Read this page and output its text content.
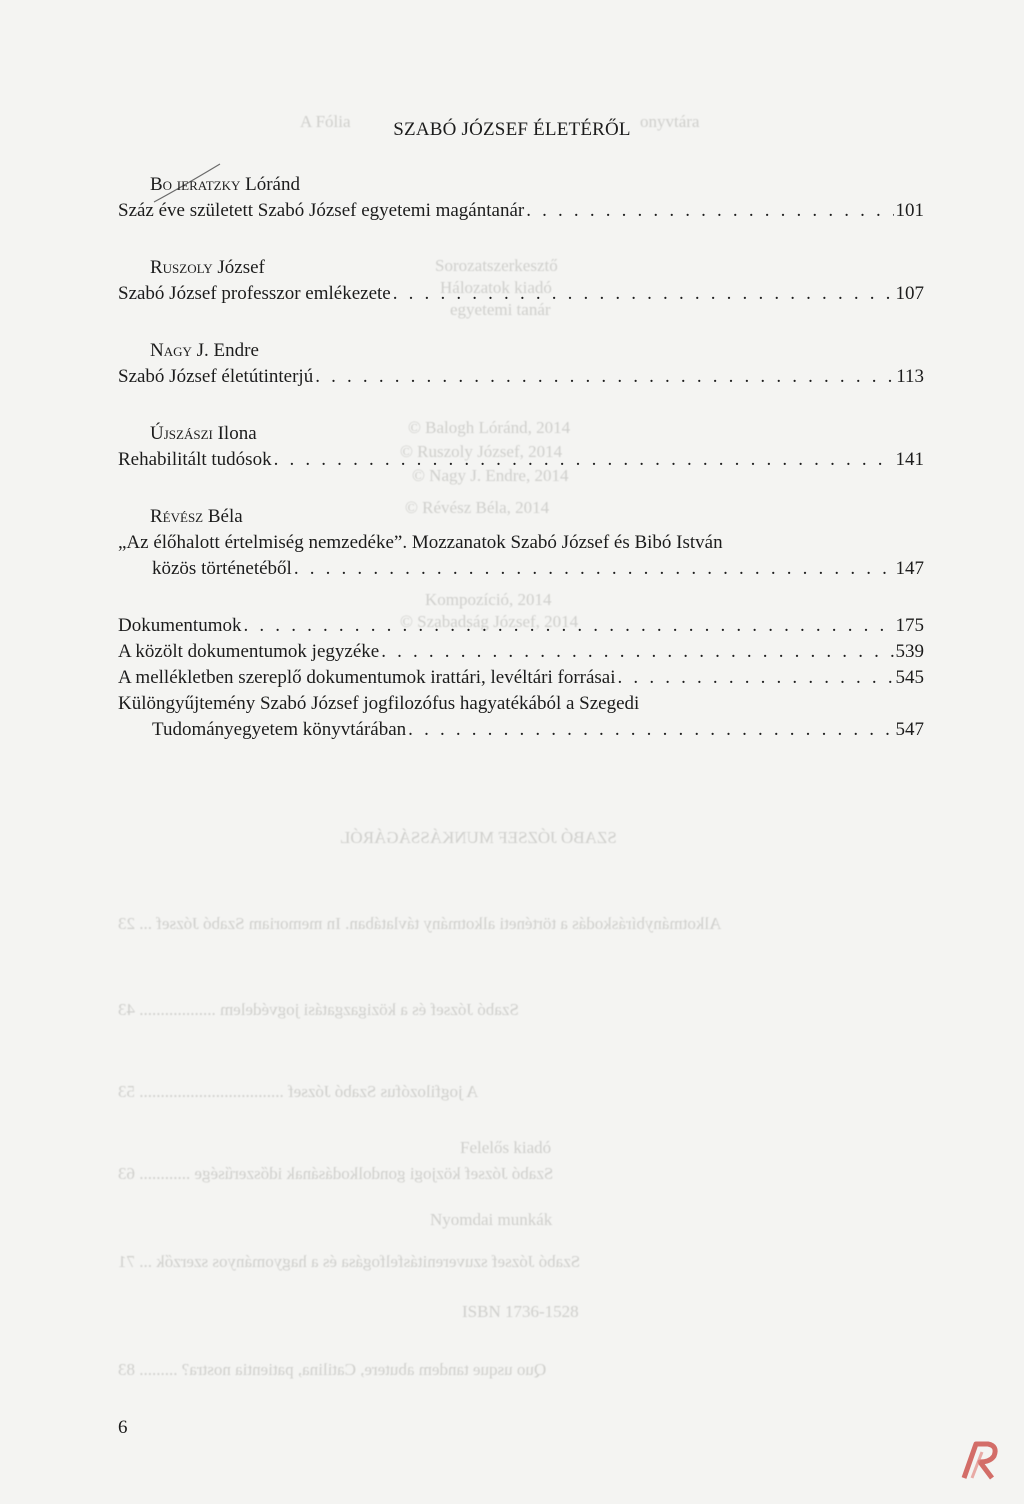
A Fólia	onyvtára
Sorozatszerkesztő
Hálozatok kiadó
egyetemi tanár
© Balogh Lóránd, 2014
© Ruszoly József, 2014
© Nagy J. Endre, 2014
© Révész Béla, 2014
Kompozíció, 2014
© Szabadság József, 2014
SZABÓ JÓZSEF MUNKÁSSÁGÁRÓL
Alkotmánybíráskodás a történeti alkotmány távlatában. In memoriam Szabó József ... 23
Szabó József és a közigazgatási jogvédelem .................. 43
A jogfilozófus Szabó József .................................. 53
Szabó József közjogi gondolkodásának időszerűsége ............ 63
Szabó József szuverenitásfelfogása és a hagyományos szerzők ... 71
Quo usque tandem abutere, Catilina, patientia nostra? ......... 83
Felelős kiadó
Nyomdai munkák
ISBN 1736-1528
SZABÓ JÓZSEF ÉLETÉRŐL
Bo ieratzky Lóránd
Száz éve született Szabó József egyetemi magántanár . . .	101
Ruszoly József
Szabó József professzor emlékezete . . .	107
Nagy J. Endre
Szabó József életútinterjú . . .	113
Újszászi Ilona
Rehabilitált tudósok . . .	141
Révész Béla
„Az élőhalott értelmiség nemzedéke”. Mozzanatok Szabó József és Bibó István
közös történetéből . . .	147
Dokumentumok . . .	175
A közölt dokumentumok jegyzéke . . .	539
A mellékletben szereplő dokumentumok irattári, levéltári forrásai . . .	545
Különgyűjtemény Szabó József jogfilozófus hagyatékából a Szegedi
Tudományegyetem könyvtárában . . .	547
6
